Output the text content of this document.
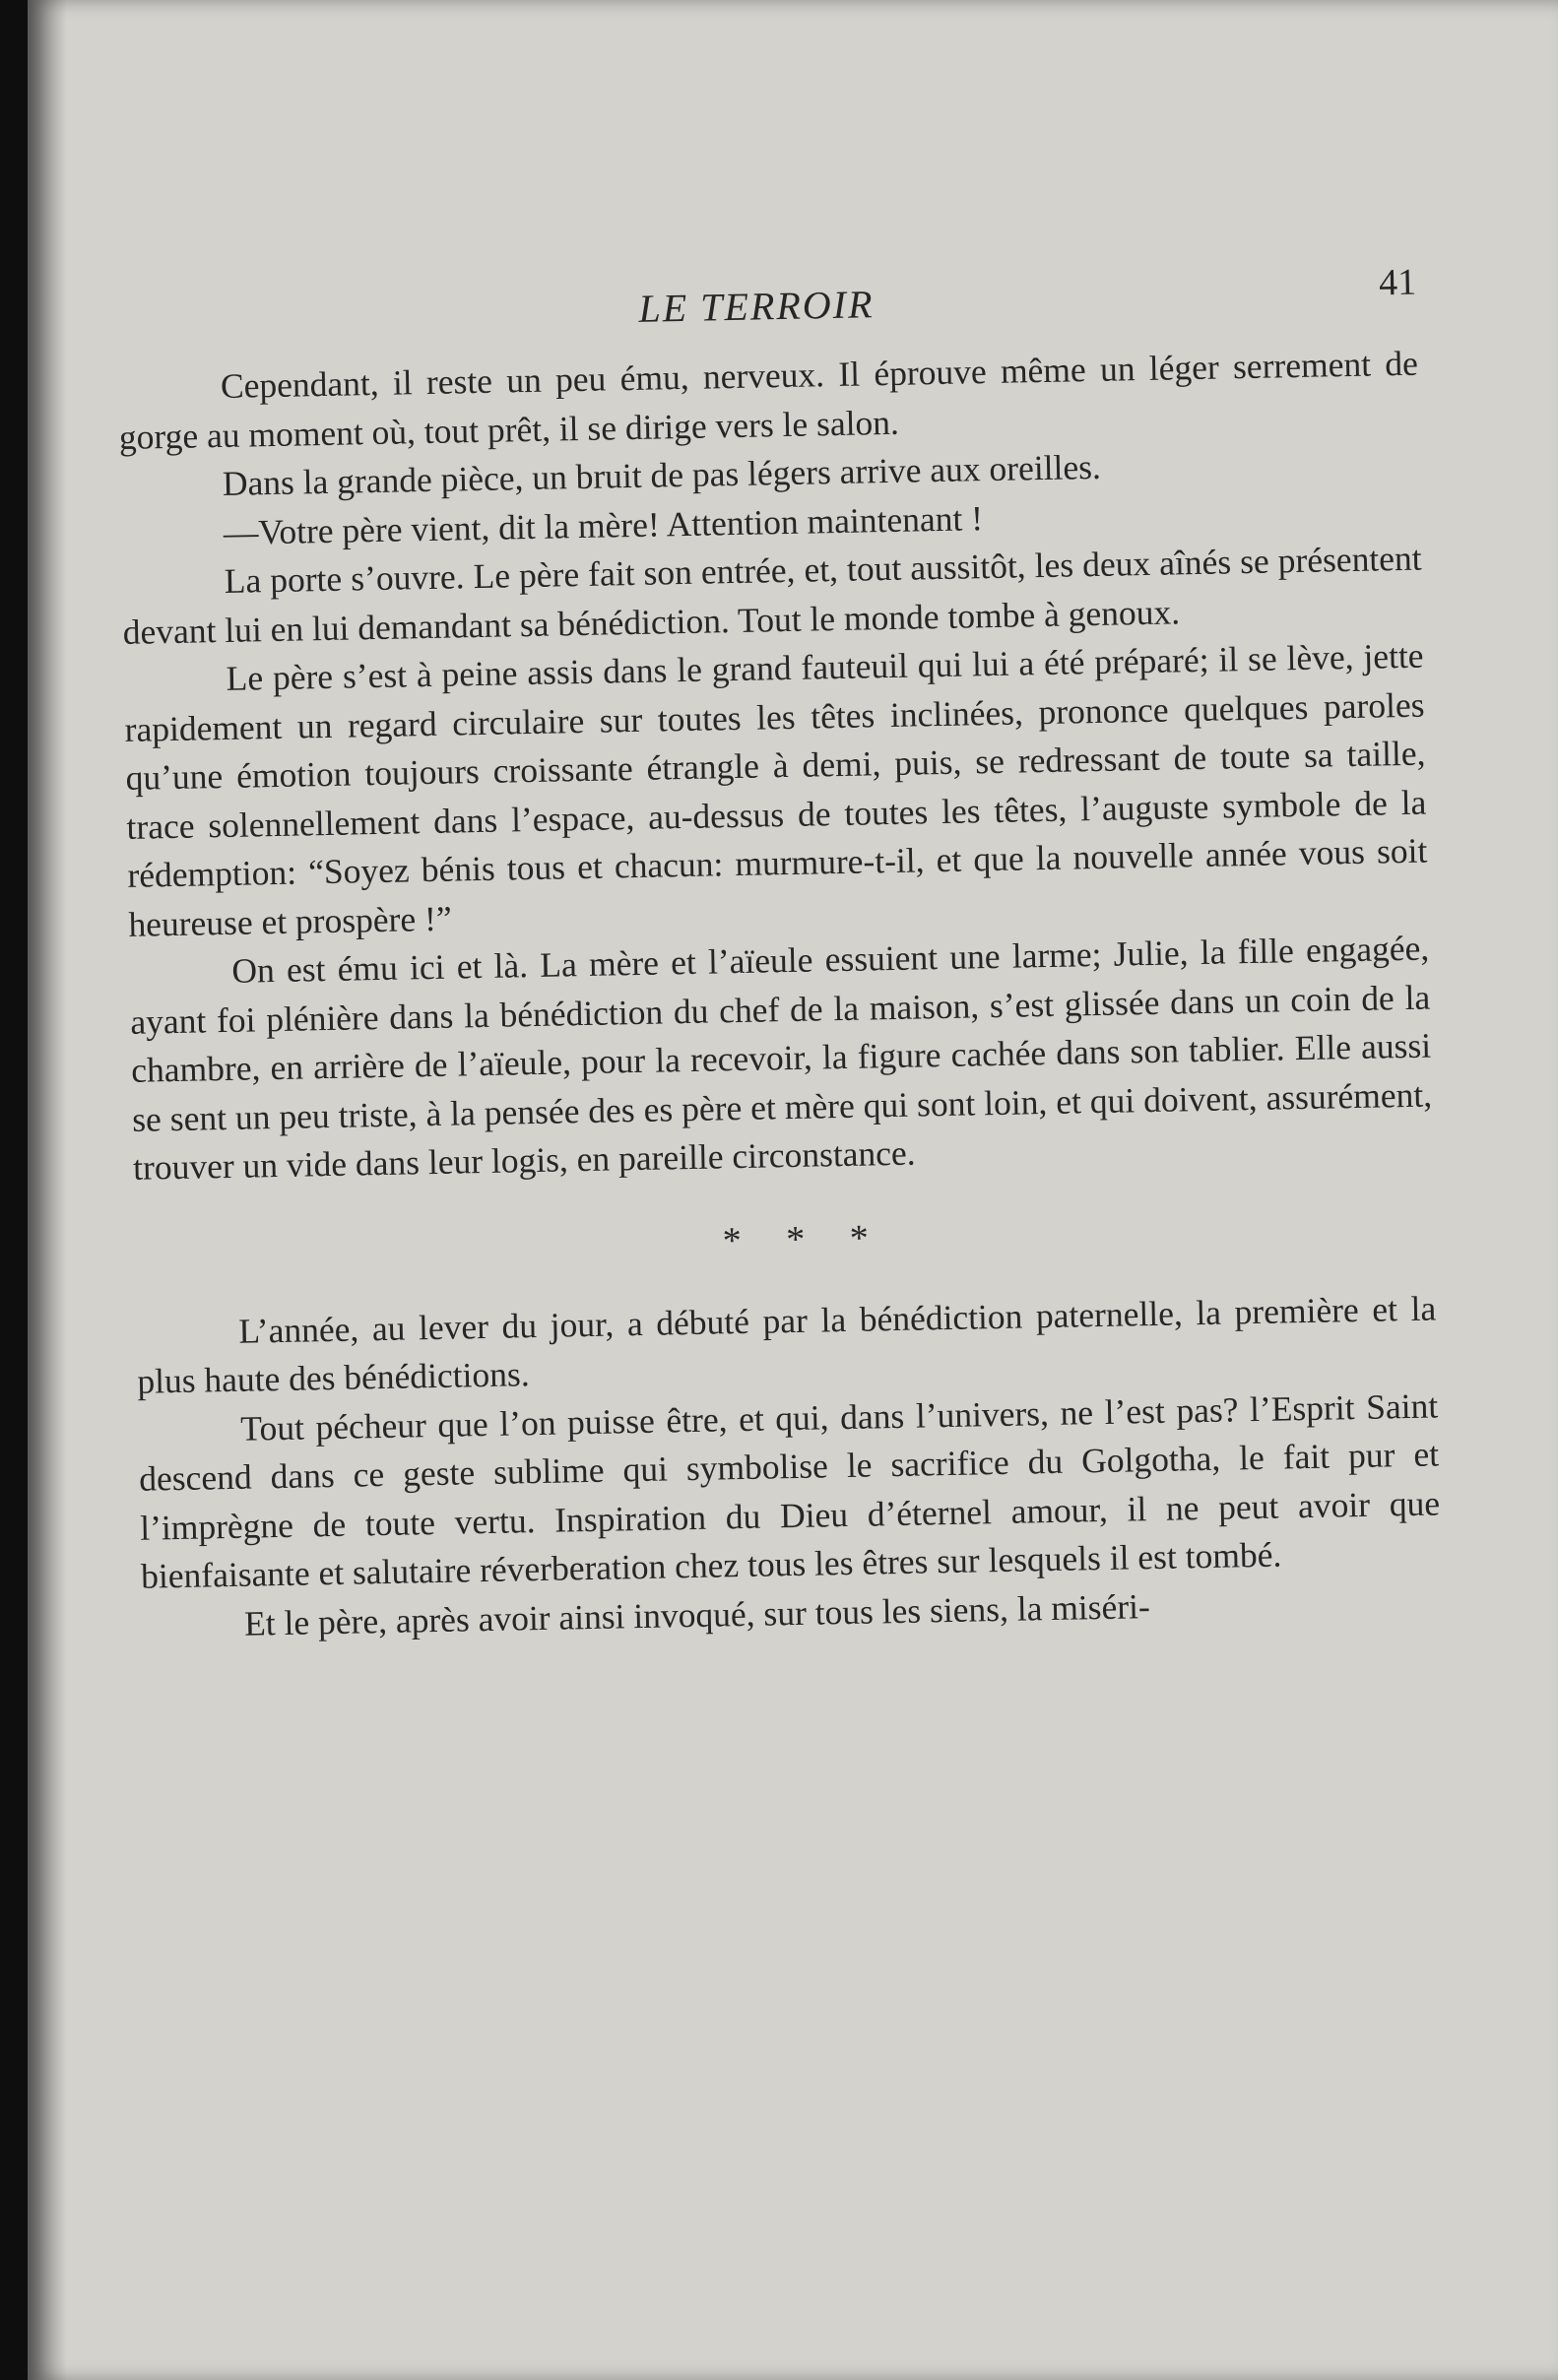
LE TERROIR	41

Cependant, il reste un peu ému, nerveux. Il éprouve même un léger serrement de gorge au moment où, tout prêt, il se dirige vers le salon.

Dans la grande pièce, un bruit de pas légers arrive aux oreilles.

—Votre père vient, dit la mère! Attention maintenant !

La porte s’ouvre. Le père fait son entrée, et, tout aussitôt, les deux aînés se présentent devant lui en lui demandant sa bénédiction. Tout le monde tombe à genoux.

Le père s’est à peine assis dans le grand fauteuil qui lui a été préparé; il se lève, jette rapidement un regard circulaire sur toutes les têtes inclinées, prononce quelques paroles qu’une émotion toujours croissante étrangle à demi, puis, se redressant de toute sa taille, trace solennellement dans l’espace, au-dessus de toutes les têtes, l’auguste symbole de la rédemption: “Soyez bénis tous et chacun: murmure-t-il, et que la nouvelle année vous soit heureuse et prospère !”

On est ému ici et là. La mère et l’aïeule essuient une larme; Julie, la fille engagée, ayant foi plénière dans la bénédiction du chef de la maison, s’est glissée dans un coin de la chambre, en arrière de l’aïeule, pour la recevoir, la figure cachée dans son tablier. Elle aussi se sent un peu triste, à la pensée des es père et mère qui sont loin, et qui doivent, assurément, trouver un vide dans leur logis, en pareille circonstance.

* * *

L’année, au lever du jour, a débuté par la bénédiction paternelle, la première et la plus haute des bénédictions.

Tout pécheur que l’on puisse être, et qui, dans l’univers, ne l’est pas? l’Esprit Saint descend dans ce geste sublime qui symbolise le sacrifice du Golgotha, le fait pur et l’imprègne de toute vertu. Inspiration du Dieu d’éternel amour, il ne peut avoir que bienfaisante et salutaire réverberation chez tous les êtres sur lesquels il est tombé.

Et le père, après avoir ainsi invoqué, sur tous les siens, la miséri-
